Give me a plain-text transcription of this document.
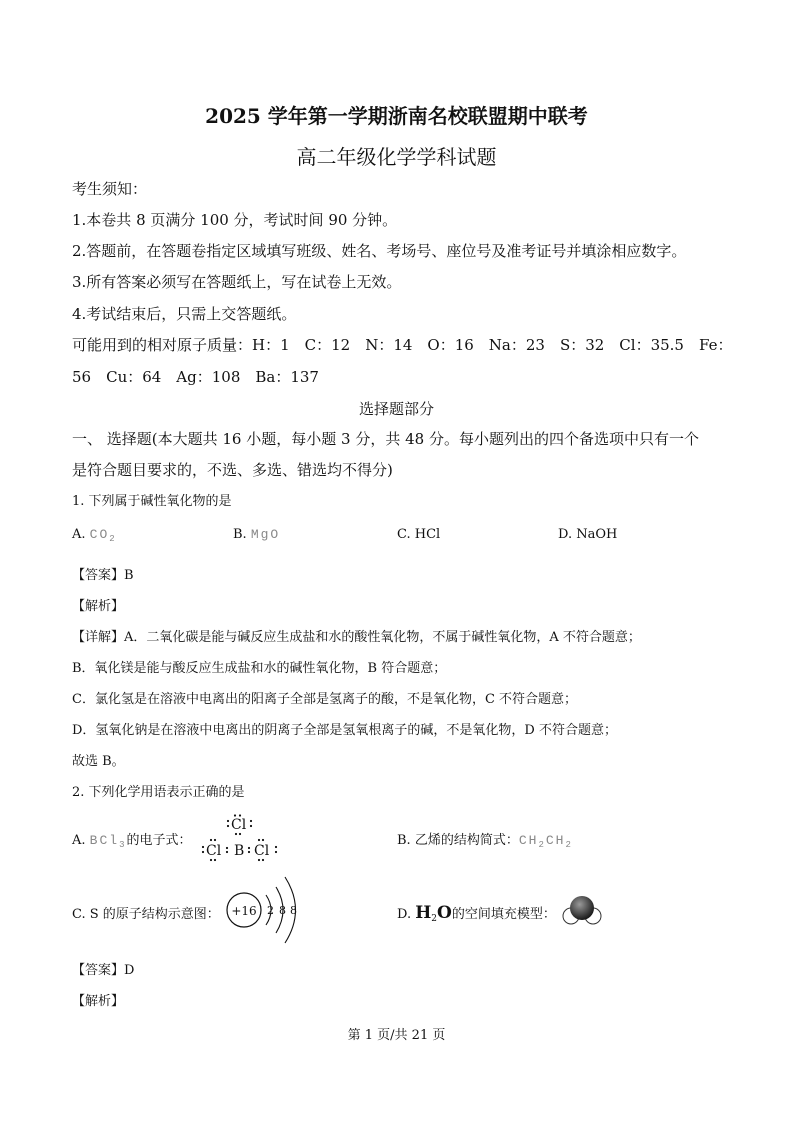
2025 学年第一学期浙南名校联盟期中联考
高二年级化学学科试题
考生须知：
1.本卷共 8 页满分 100 分，考试时间 90 分钟。
2.答题前，在答题卷指定区域填写班级、姓名、考场号、座位号及准考证号并填涂相应数字。
3.所有答案必须写在答题纸上，写在试卷上无效。
4.考试结束后，只需上交答题纸。
可能用到的相对原子质量：H：1　C：12　N：14　O：16　Na：23　S：32　Cl：35.5　Fe：
56　Cu：64　Ag：108　Ba：137
选择题部分
一、 选择题(本大题共 16 小题，每小题 3 分，共 48 分。每小题列出的四个备选项中只有一个
是符合题目要求的，不选、多选、错选均不得分)
1. 下列属于碱性氧化物的是
A. $CO_2$	B. MgO	C. HCl	D. NaOH
【答案】B
【解析】
【详解】A．二氧化碳是能与碱反应生成盐和水的酸性氧化物，不属于碱性氧化物，A 不符合题意；
B．氧化镁是能与酸反应生成盐和水的碱性氧化物，B 符合题意；
C．氯化氢是在溶液中电离出的阳离子全部是氢离子的酸，不是氧化物，C 不符合题意；
D．氢氧化钠是在溶液中电离出的阴离子全部是氢氧根离子的碱，不是氧化物，D 不符合题意；
故选 B。
2. 下列化学用语表示正确的是
A. BCl$_3$的电子式：
Cl
Cl B Cl
B. 乙烯的结构简式：$CH_2CH_2$
C. S 的原子结构示意图： +16 2 8 8	D. $H_2O$的空间填充模型：
【答案】D
【解析】
第 1 页/共 21 页
